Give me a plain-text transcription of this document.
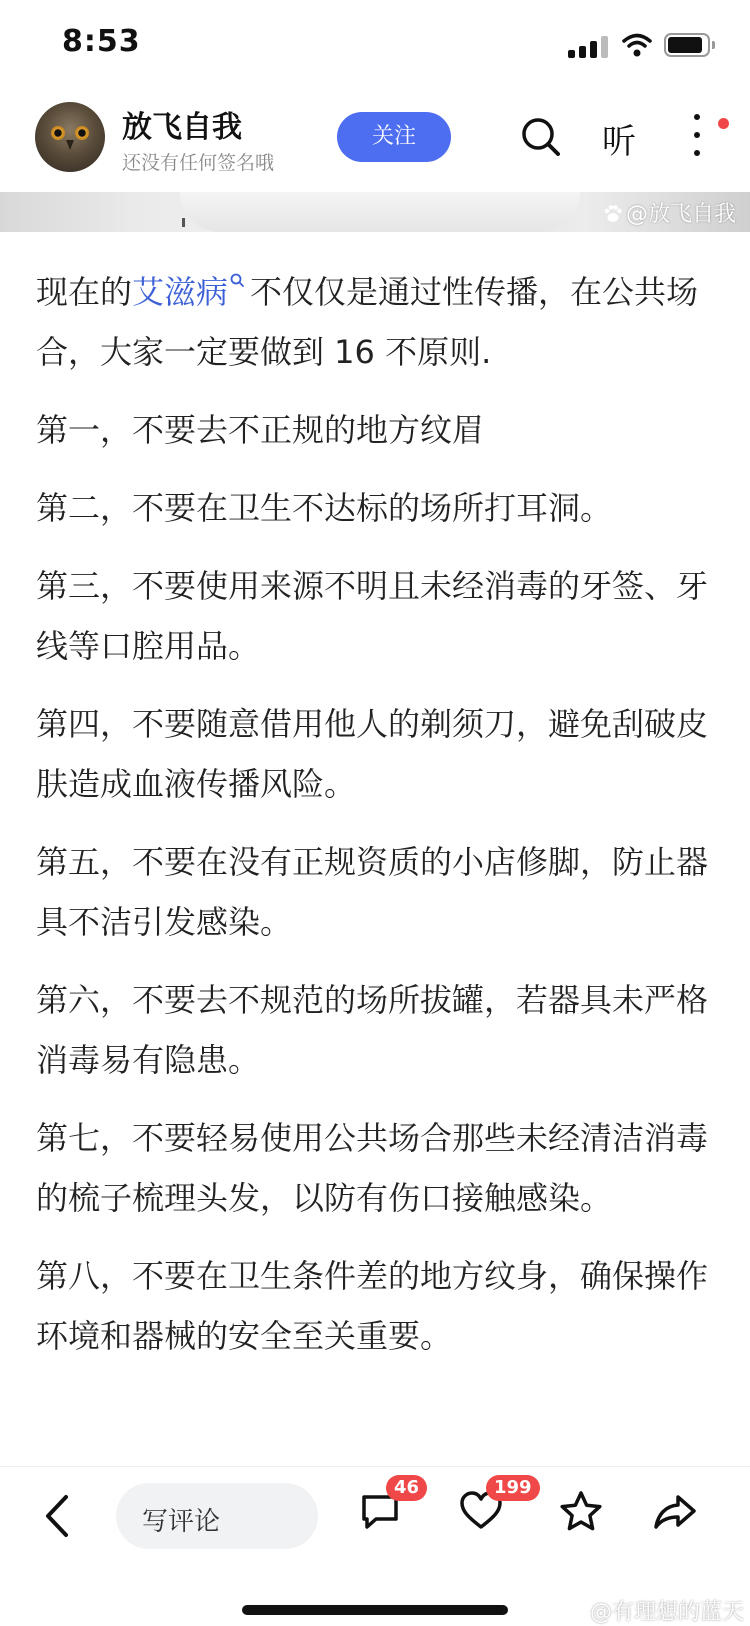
8:53
放飞自我
还没有任何签名哦
关注	听
@放飞自我

现在的艾滋病 不仅仅是通过性传播，在公共场合，大家一定要做到 16 不原则.

第一，不要去不正规的地方纹眉

第二，不要在卫生不达标的场所打耳洞。

第三，不要使用来源不明且未经消毒的牙签、牙线等口腔用品。

第四，不要随意借用他人的剃须刀，避免刮破皮肤造成血液传播风险。

第五，不要在没有正规资质的小店修脚，防止器具不洁引发感染。

第六，不要去不规范的场所拔罐，若器具未严格消毒易有隐患。

第七，不要轻易使用公共场合那些未经清洁消毒的梳子梳理头发，以防有伤口接触感染。

第八，不要在卫生条件差的地方纹身，确保操作环境和器械的安全至关重要。

写评论
46	199
@有理想的蓝天
